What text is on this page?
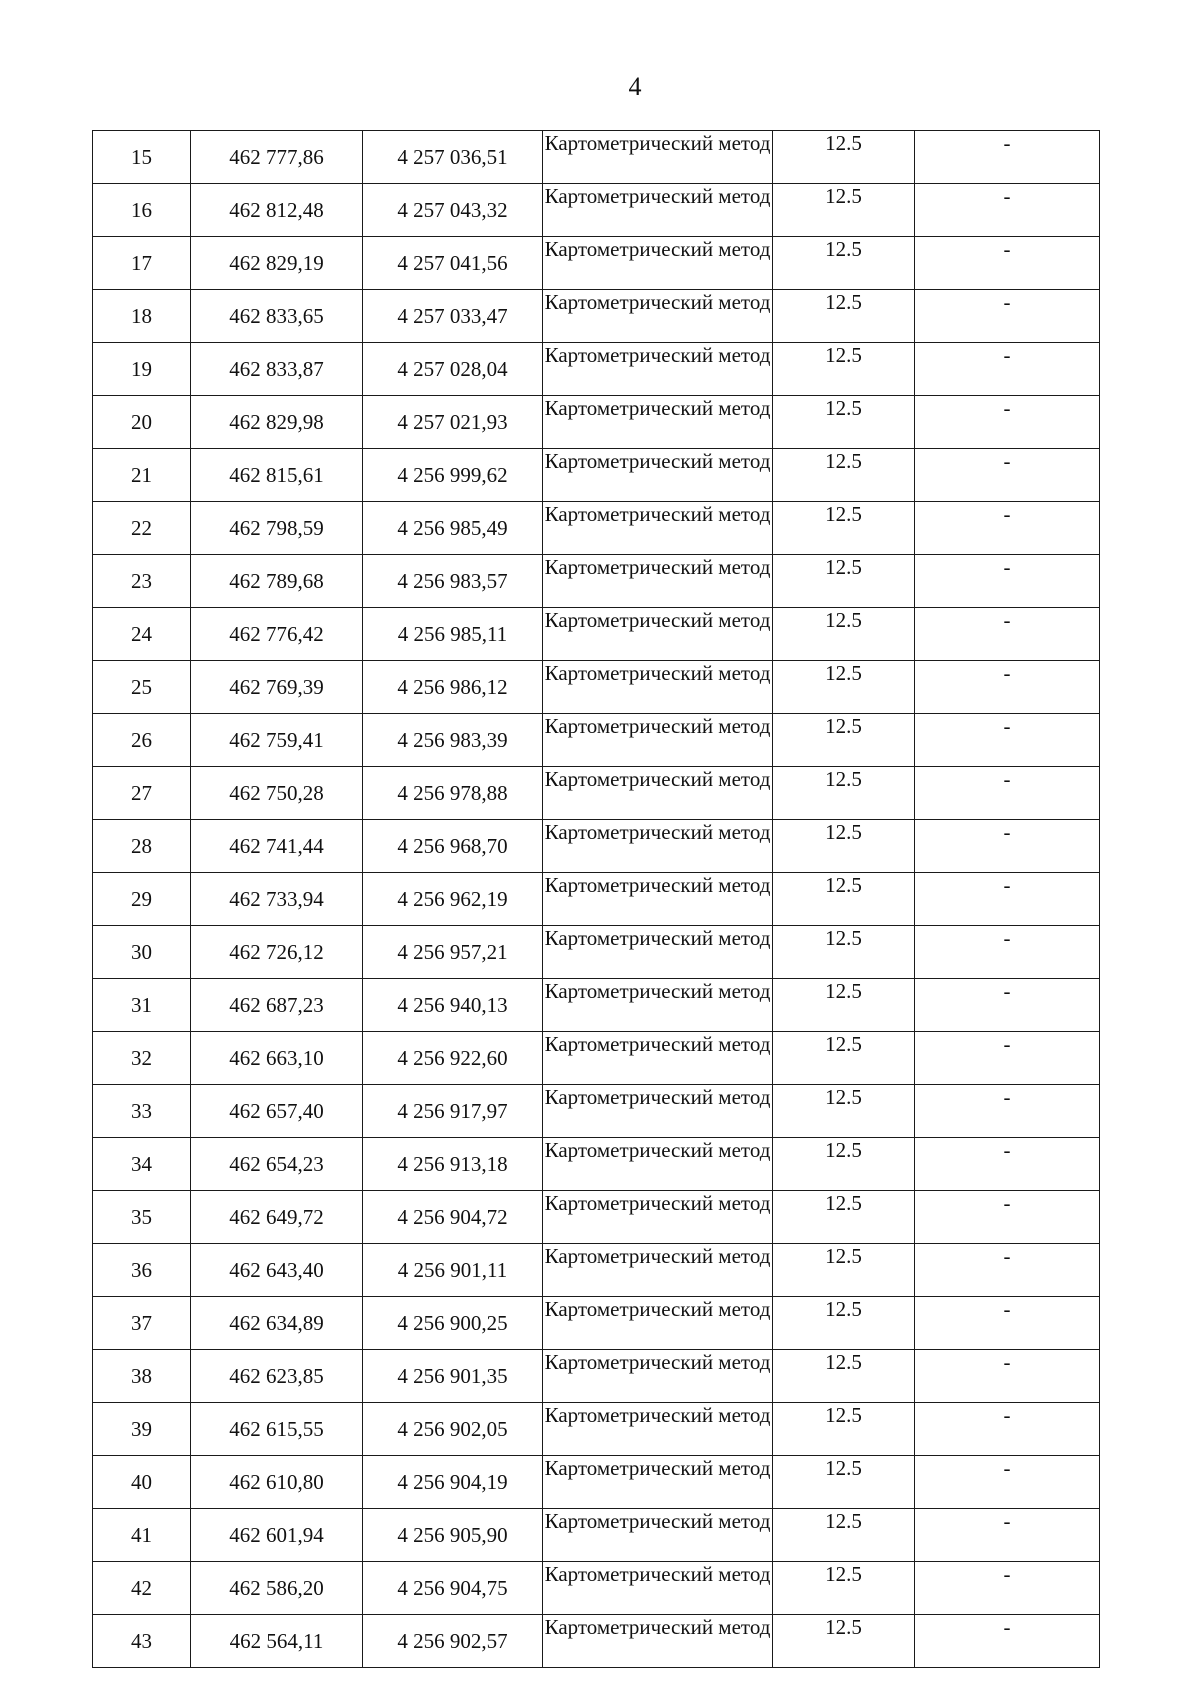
4
15	462 777,86	4 257 036,51	Картометрический метод	12.5	-
16	462 812,48	4 257 043,32	Картометрический метод	12.5	-
17	462 829,19	4 257 041,56	Картометрический метод	12.5	-
18	462 833,65	4 257 033,47	Картометрический метод	12.5	-
19	462 833,87	4 257 028,04	Картометрический метод	12.5	-
20	462 829,98	4 257 021,93	Картометрический метод	12.5	-
21	462 815,61	4 256 999,62	Картометрический метод	12.5	-
22	462 798,59	4 256 985,49	Картометрический метод	12.5	-
23	462 789,68	4 256 983,57	Картометрический метод	12.5	-
24	462 776,42	4 256 985,11	Картометрический метод	12.5	-
25	462 769,39	4 256 986,12	Картометрический метод	12.5	-
26	462 759,41	4 256 983,39	Картометрический метод	12.5	-
27	462 750,28	4 256 978,88	Картометрический метод	12.5	-
28	462 741,44	4 256 968,70	Картометрический метод	12.5	-
29	462 733,94	4 256 962,19	Картометрический метод	12.5	-
30	462 726,12	4 256 957,21	Картометрический метод	12.5	-
31	462 687,23	4 256 940,13	Картометрический метод	12.5	-
32	462 663,10	4 256 922,60	Картометрический метод	12.5	-
33	462 657,40	4 256 917,97	Картометрический метод	12.5	-
34	462 654,23	4 256 913,18	Картометрический метод	12.5	-
35	462 649,72	4 256 904,72	Картометрический метод	12.5	-
36	462 643,40	4 256 901,11	Картометрический метод	12.5	-
37	462 634,89	4 256 900,25	Картометрический метод	12.5	-
38	462 623,85	4 256 901,35	Картометрический метод	12.5	-
39	462 615,55	4 256 902,05	Картометрический метод	12.5	-
40	462 610,80	4 256 904,19	Картометрический метод	12.5	-
41	462 601,94	4 256 905,90	Картометрический метод	12.5	-
42	462 586,20	4 256 904,75	Картометрический метод	12.5	-
43	462 564,11	4 256 902,57	Картометрический метод	12.5	-
